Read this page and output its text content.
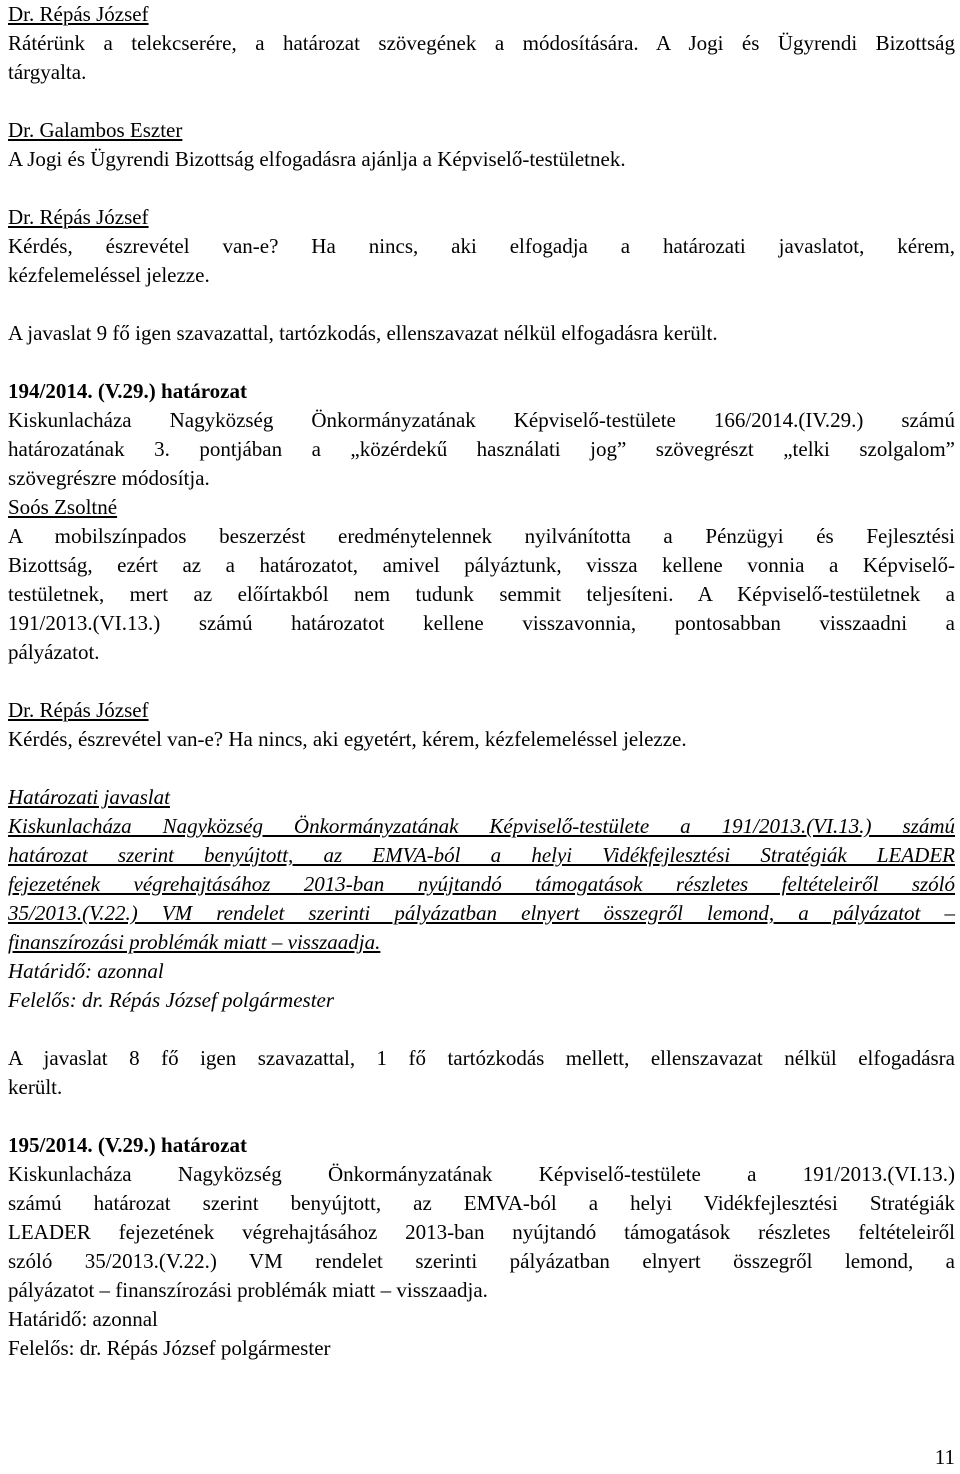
Dr. Répás József
Rátérünk a telekcserére, a határozat szövegének a módosítására. A Jogi és Ügyrendi Bizottság
tárgyalta.
Dr. Galambos Eszter
A Jogi és Ügyrendi Bizottság elfogadásra ajánlja a Képviselő-testületnek.
Dr. Répás József
Kérdés, észrevétel van-e? Ha nincs, aki elfogadja a határozati javaslatot, kérem,
kézfelemeléssel jelezze.
A javaslat 9 fő igen szavazattal, tartózkodás, ellenszavazat nélkül elfogadásra került.
194/2014. (V.29.) határozat
Kiskunlacháza Nagyközség Önkormányzatának Képviselő-testülete 166/2014.(IV.29.) számú
határozatának 3. pontjában a „közérdekű használati jog” szövegrészt „telki szolgalom”
szövegrészre módosítja.
Soós Zsoltné
A mobilszínpados beszerzést eredménytelennek nyilvánította a Pénzügyi és Fejlesztési
Bizottság, ezért az a határozatot, amivel pályáztunk, vissza kellene vonnia a Képviselő-
testületnek, mert az előírtakból nem tudunk semmit teljesíteni. A Képviselő-testületnek a
191/2013.(VI.13.) számú határozatot kellene visszavonnia, pontosabban visszaadni a
pályázatot.
Dr. Répás József
Kérdés, észrevétel van-e? Ha nincs, aki egyetért, kérem, kézfelemeléssel jelezze.
Határozati javaslat
Kiskunlacháza Nagyközség Önkormányzatának Képviselő-testülete a 191/2013.(VI.13.) számú
határozat szerint benyújtott, az EMVA-ból a helyi Vidékfejlesztési Stratégiák LEADER
fejezetének végrehajtásához 2013-ban nyújtandó támogatások részletes feltételeiről szóló
35/2013.(V.22.) VM rendelet szerinti pályázatban elnyert összegről lemond, a pályázatot –
finanszírozási problémák miatt – visszaadja.
Határidő: azonnal
Felelős: dr. Répás József polgármester
A javaslat 8 fő igen szavazattal, 1 fő tartózkodás mellett, ellenszavazat nélkül elfogadásra
került.
195/2014. (V.29.) határozat
Kiskunlacháza Nagyközség Önkormányzatának Képviselő-testülete a 191/2013.(VI.13.)
számú határozat szerint benyújtott, az EMVA-ból a helyi Vidékfejlesztési Stratégiák
LEADER fejezetének végrehajtásához 2013-ban nyújtandó támogatások részletes feltételeiről
szóló 35/2013.(V.22.) VM rendelet szerinti pályázatban elnyert összegről lemond, a
pályázatot – finanszírozási problémák miatt – visszaadja.
Határidő: azonnal
Felelős: dr. Répás József polgármester
11
